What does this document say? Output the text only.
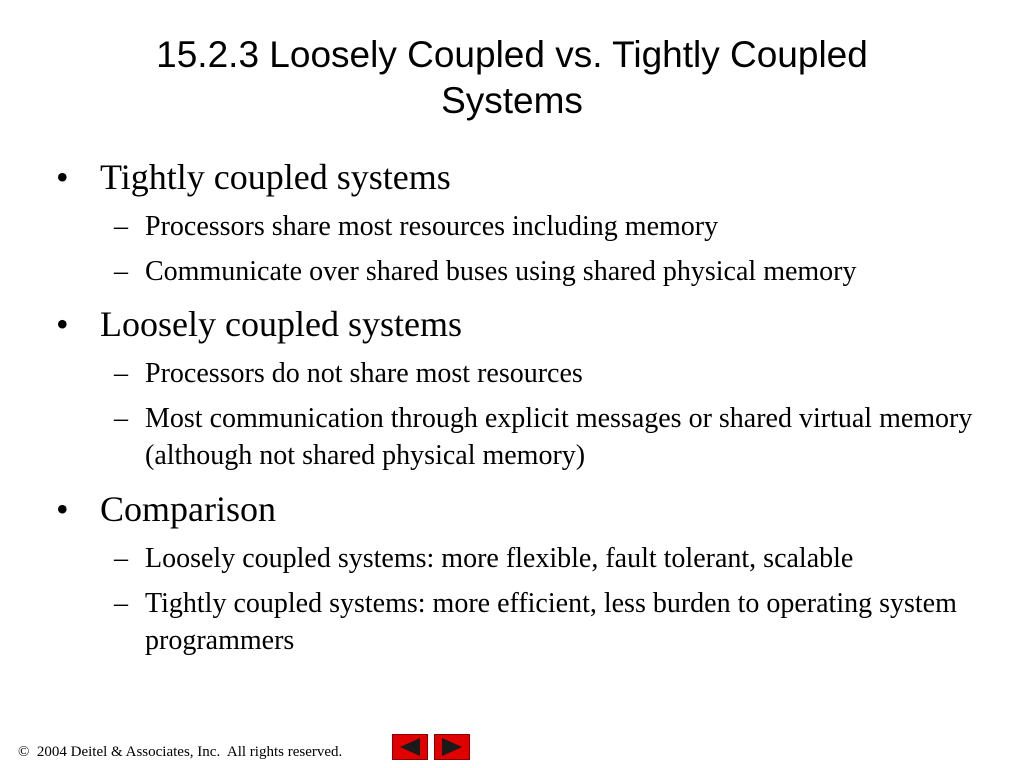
15.2.3 Loosely Coupled vs. Tightly Coupled
Systems
• Tightly coupled systems
– Processors share most resources including memory
– Communicate over shared buses using shared physical memory
• Loosely coupled systems
– Processors do not share most resources
– Most communication through explicit messages or shared virtual memory (although not shared physical memory)
• Comparison
– Loosely coupled systems: more flexible, fault tolerant, scalable
– Tightly coupled systems: more efficient, less burden to operating system programmers
©  2004 Deitel & Associates, Inc.  All rights reserved.
